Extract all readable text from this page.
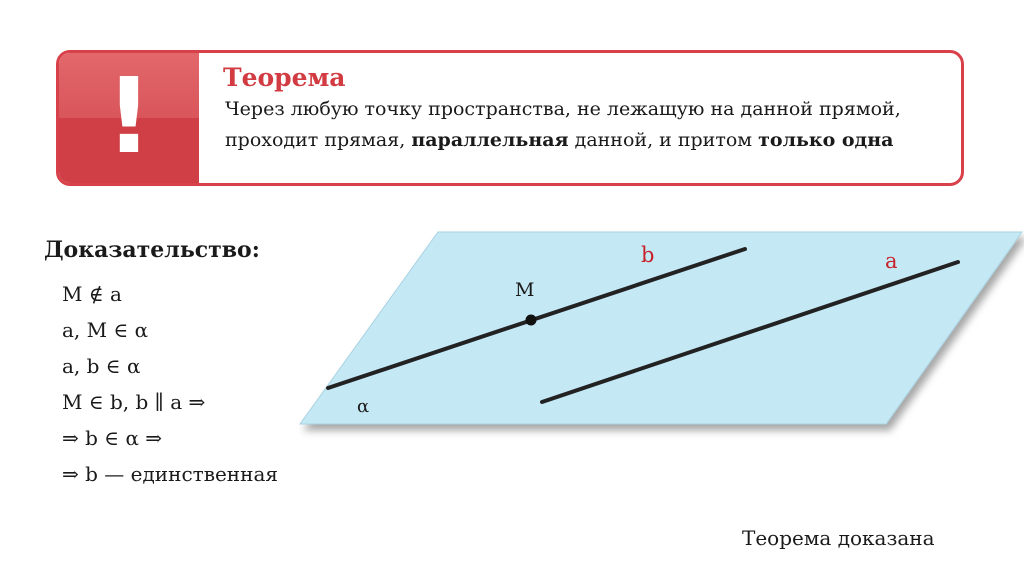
!	Теорема
Через любую точку пространства, не лежащую на данной прямой, проходит прямая, параллельная данной, и притом только одна
Доказательство:
M ∉ a
a, M ∈ α
a, b ∈ α
M ∈ b, b ∥ a ⇒
⇒ b ∈ α ⇒
⇒ b — единственная
M
b	a
α
Теорема доказана
